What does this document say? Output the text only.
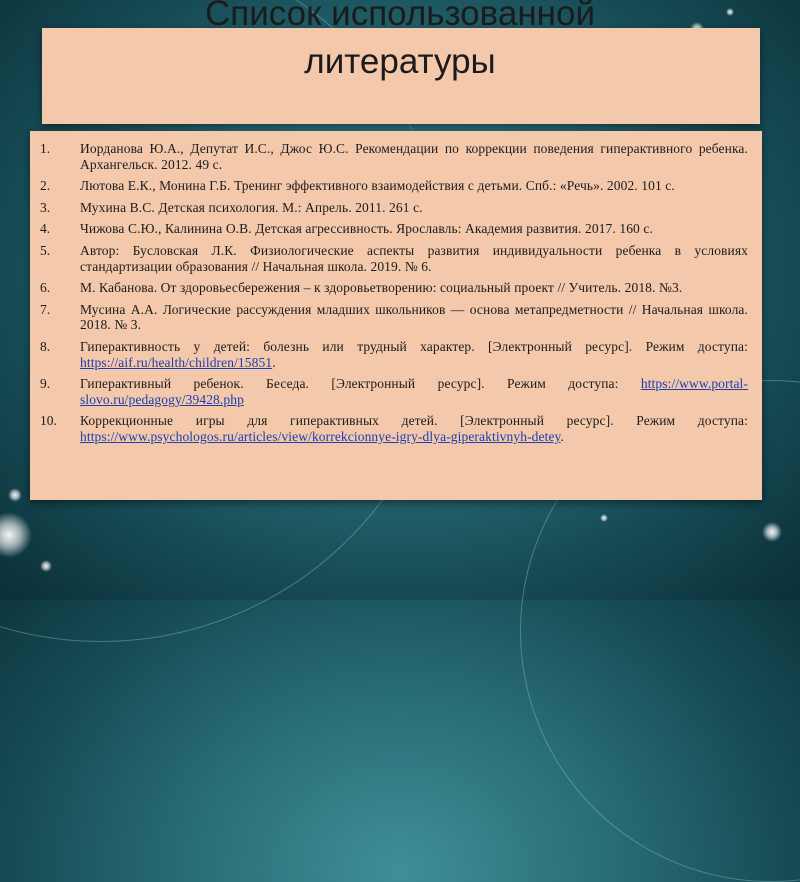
Список использованной
литературы
1.	Иорданова Ю.А., Депутат И.С., Джос Ю.С. Рекомендации по коррекции поведения гиперактивного ребенка. Архангельск. 2012. 49 с.
2.	Лютова Е.К., Монина Г.Б. Тренинг эффективного взаимодействия с детьми. Спб.: «Речь». 2002. 101 с.
3.	Мухина В.С. Детская психология. М.: Апрель. 2011. 261 с.
4.	Чижова С.Ю., Калинина О.В. Детская агрессивность. Ярославль: Академия развития. 2017. 160 с.
5.	Автор: Бусловская Л.К. Физиологические аспекты развития индивидуальности ребенка в условиях стандартизации образования // Начальная школа. 2019. № 6.
6.	М. Кабанова. От здоровьесбережения – к здоровьетворению: социальный проект // Учитель. 2018. №3.
7.	Мусина А.А. Логические рассуждения младших школьников — основа метапредметности // Начальная школа. 2018. № 3.
8.	Гиперактивность у детей: болезнь или трудный характер. [Электронный ресурс]. Режим доступа: https://aif.ru/health/children/15851.
9.	Гиперактивный ребенок. Беседа. [Электронный ресурс]. Режим доступа: https://www.portal-slovo.ru/pedagogy/39428.php
10.	Коррекционные игры для гиперактивных детей. [Электронный ресурс]. Режим доступа: https://www.psychologos.ru/articles/view/korrekcionnye-igry-dlya-giperaktivnyh-detey.
